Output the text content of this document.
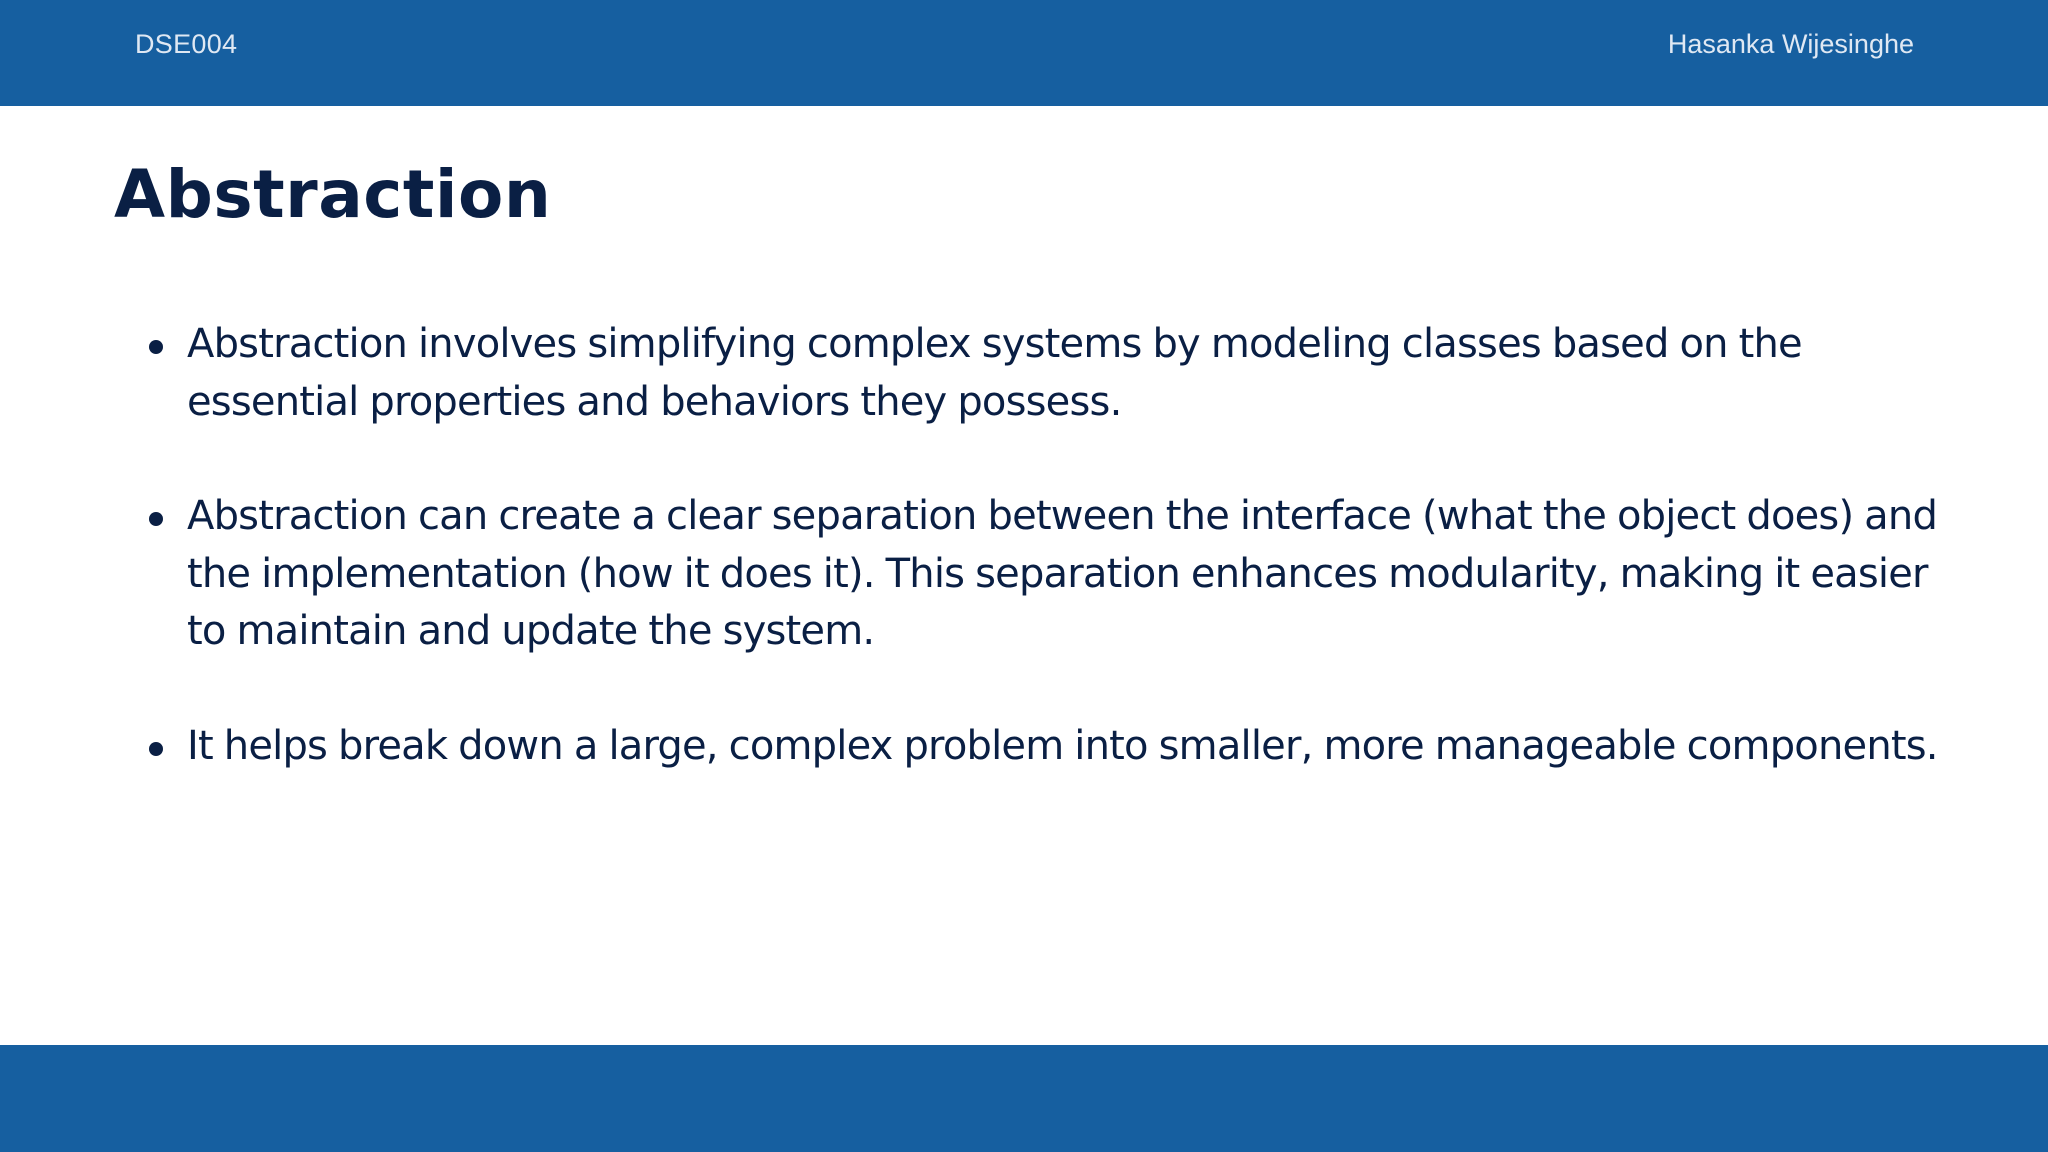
DSE004	Hasanka Wijesinghe
Abstraction
Abstraction involves simplifying complex systems by modeling classes based on the essential properties and behaviors they possess.
Abstraction can create a clear separation between the interface (what the object does) and the implementation (how it does it). This separation enhances modularity, making it easier to maintain and update the system.
It helps break down a large, complex problem into smaller, more manageable components.
